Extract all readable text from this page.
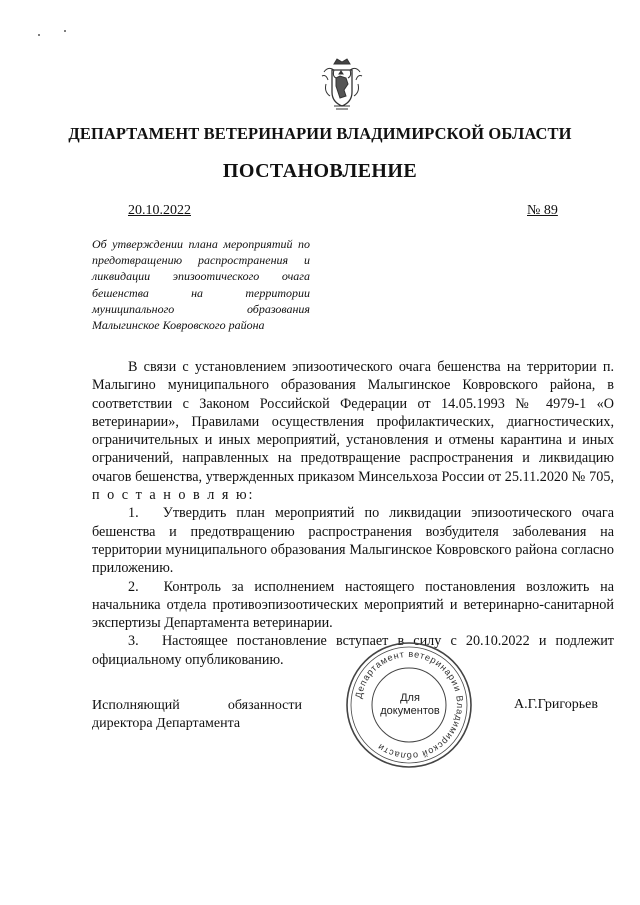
ДЕПАРТАМЕНТ ВЕТЕРИНАРИИ ВЛАДИМИРСКОЙ ОБЛАСТИ
ПОСТАНОВЛЕНИЕ
20.10.2022	№ 89
Об утверждении плана мероприятий по предотвращению распространения и ликвидации эпизоотического очага бешенства на территории муниципального образования Малыгинское Ковровского района

В связи с установлением эпизоотического очага бешенства на территории п. Малыгино муниципального образования Малыгинское Ковровского района, в соответствии с Законом Российской Федерации от 14.05.1993 № 4979-1 «О ветеринарии», Правилами осуществления профилактических, диагностических, ограничительных и иных мероприятий, установления и отмены карантина и иных ограничений, направленных на предотвращение распространения и ликвидацию очагов бешенства, утвержденных приказом Минсельхоза России от 25.11.2020 № 705, п о с т а н о в л я ю:

1.  Утвердить план мероприятий по ликвидации эпизоотического очага бешенства и предотвращению распространения возбудителя заболевания на территории муниципального образования Малыгинское Ковровского района согласно приложению.

2.  Контроль за исполнением настоящего постановления возложить на начальника отдела противоэпизоотических мероприятий и ветеринарно-санитарной экспертизы Департамента ветеринарии.

3.  Настоящее постановление вступает в силу с 20.10.2022 и подлежит официальному опубликованию.

Исполняющий обязанности
директора Департамента
А.Г.Григорьев
Департамент ветеринарии Владимирской области
Для
документов
